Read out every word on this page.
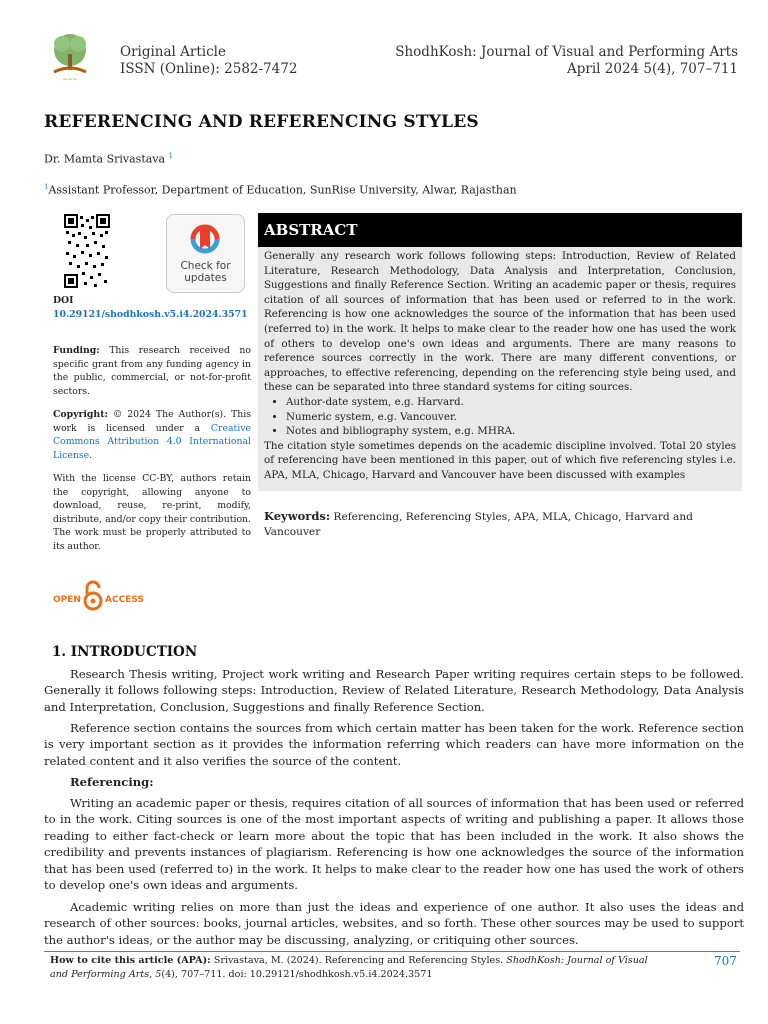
~~~
Original Article
ISSN (Online): 2582-7472
ShodhKosh: Journal of Visual and Performing Arts
April 2024 5(4), 707–711
REFERENCING AND REFERENCING STYLES
Dr. Mamta Srivastava $^1$
$^1$Assistant Professor, Department of Education, SunRise University, Alwar, Rajasthan
Check for
updates
DOI
10.29121/shodhkosh.v5.i4.2024.3571
Funding: This research received no specific grant from any funding agency in the public, commercial, or not-for-profit sectors.
Copyright: © 2024 The Author(s). This work is licensed under a Creative Commons Attribution 4.0 International License.
With the license CC-BY, authors retain the copyright, allowing anyone to download, reuse, re-print, modify, distribute, and/or copy their contribution. The work must be properly attributed to its author.
OPEN	ACCESS
ABSTRACT

Generally any research work follows following steps: Introduction, Review of Related Literature, Research Methodology, Data Analysis and Interpretation, Conclusion, Suggestions and finally Reference Section. Writing an academic paper or thesis, requires citation of all sources of information that has been used or referred to in the work. Referencing is how one acknowledges the source of the information that has been used (referred to) in the work. It helps to make clear to the reader how one has used the work of others to develop one's own ideas and arguments. There are many reasons to reference sources correctly in the work. There are many different conventions, or approaches, to effective referencing, depending on the referencing style being used, and these can be separated into three standard systems for citing sources.

• Author-date system, e.g. Harvard.
• Numeric system, e.g. Vancouver.
• Notes and bibliography system, e.g. MHRA.

The citation style sometimes depends on the academic discipline involved. Total 20 styles of referencing have been mentioned in this paper, out of which five referencing styles i.e. APA, MLA, Chicago, Harvard and Vancouver have been discussed with examples

Keywords: Referencing, Referencing Styles, APA, MLA, Chicago, Harvard and Vancouver
1. INTRODUCTION

Research Thesis writing, Project work writing and Research Paper writing requires certain steps to be followed. Generally it follows following steps: Introduction, Review of Related Literature, Research Methodology, Data Analysis and Interpretation, Conclusion, Suggestions and finally Reference Section.

Reference section contains the sources from which certain matter has been taken for the work. Reference section is very important section as it provides the information referring which readers can have more information on the related content and it also verifies the source of the content.

Referencing:

Writing an academic paper or thesis, requires citation of all sources of information that has been used or referred to in the work. Citing sources is one of the most important aspects of writing and publishing a paper. It allows those reading to either fact-check or learn more about the topic that has been included in the work. It also shows the credibility and prevents instances of plagiarism. Referencing is how one acknowledges the source of the information that has been used (referred to) in the work. It helps to make clear to the reader how one has used the work of others to develop one's own ideas and arguments.

Academic writing relies on more than just the ideas and experience of one author. It also uses the ideas and research of other sources: books, journal articles, websites, and so forth. These other sources may be used to support the author's ideas, or the author may be discussing, analyzing, or critiquing other sources.

How to cite this article (APA): Srivastava, M. (2024). Referencing and Referencing Styles. ShodhKosh: Journal of Visual and Performing Arts, 5(4), 707–711. doi: 10.29121/shodhkosh.v5.i4.2024.3571
707
